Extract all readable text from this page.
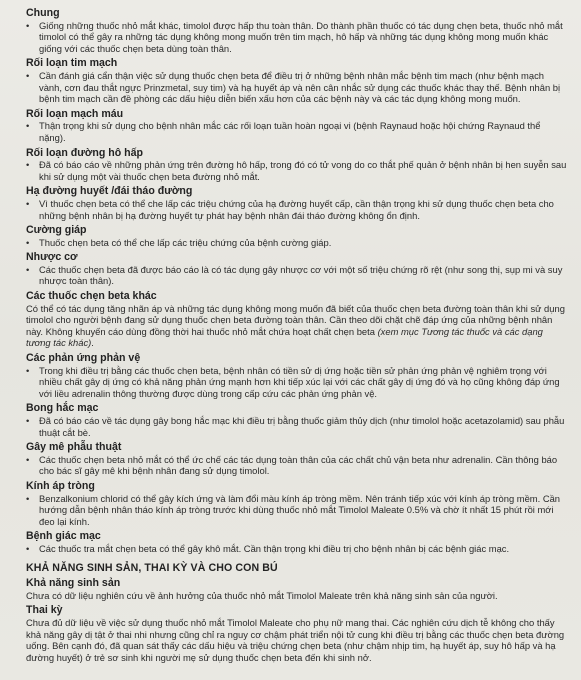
Chung
• Giống những thuốc nhỏ mắt khác, timolol được hấp thu toàn thân. Do thành phần thuốc có tác dụng chẹn beta, thuốc nhỏ mắt timolol có thể gây ra những tác dụng không mong muốn trên tim mạch, hô hấp và những tác dụng không mong muốn khác giống với các thuốc chẹn beta dùng toàn thân.
Rối loạn tim mạch
• Cần đánh giá cẩn thận việc sử dụng thuốc chẹn beta để điều trị ở những bệnh nhân mắc bệnh tim mạch (như bệnh mạch vành, cơn đau thắt ngực Prinzmetal, suy tim) và hạ huyết áp và nên cân nhắc sử dụng các thuốc khác thay thế. Bệnh nhân bị bệnh tim mạch cần đề phòng các dấu hiệu diễn biến xấu hơn của các bệnh này và các tác dụng không mong muốn.
Rối loạn mạch máu
• Thận trọng khi sử dụng cho bệnh nhân mắc các rối loạn tuần hoàn ngoại vi (bệnh Raynaud hoặc hội chứng Raynaud thể nặng).
Rối loạn đường hô hấp
• Đã có báo cáo về những phản ứng trên đường hô hấp, trong đó có tử vong do co thắt phế quản ở bệnh nhân bị hen suyễn sau khi sử dụng một vài thuốc chẹn beta đường nhỏ mắt.
Hạ đường huyết /đái tháo đường
• Vì thuốc chẹn beta có thể che lấp các triệu chứng của hạ đường huyết cấp, cần thận trọng khi sử dụng thuốc chẹn beta cho những bệnh nhân bị hạ đường huyết tự phát hay bệnh nhân đái tháo đường không ổn định.
Cường giáp
• Thuốc chẹn beta có thể che lấp các triệu chứng của bệnh cường giáp.
Nhược cơ
• Các thuốc chẹn beta đã được báo cáo là có tác dụng gây nhược cơ với một số triệu chứng rõ rệt (như song thị, sụp mi và suy nhược toàn thân).
Các thuốc chẹn beta khác

Có thể có tác dụng tăng nhãn áp và những tác dụng không mong muốn đã biết của thuốc chẹn beta đường toàn thân khi sử dụng timolol cho người bệnh đang sử dụng thuốc chẹn beta đường toàn thân. Cần theo dõi chặt chẽ đáp ứng của những bệnh nhân này. Không khuyến cáo dùng đồng thời hai thuốc nhỏ mắt chứa hoạt chất chẹn beta (xem mục Tương tác thuốc và các dạng tương tác khác).

Các phản ứng phản vệ
• Trong khi điều trị bằng các thuốc chẹn beta, bệnh nhân có tiền sử dị ứng hoặc tiền sử phản ứng phản vệ nghiêm trọng với nhiều chất gây dị ứng có khả năng phản ứng mạnh hơn khi tiếp xúc lại với các chất gây dị ứng đó và họ cũng không đáp ứng với liều adrenalin thông thường được dùng trong cấp cứu các phản ứng phản vệ.
Bong hắc mạc
• Đã có báo cáo về tác dụng gây bong hắc mạc khi điều trị bằng thuốc giảm thủy dịch (như timolol hoặc acetazolamid) sau phẫu thuật cắt bè.
Gây mê phẫu thuật
• Các thuốc chẹn beta nhỏ mắt có thể ức chế các tác dụng toàn thân của các chất chủ vận beta như adrenalin. Cần thông báo cho bác sĩ gây mê khi bệnh nhân đang sử dụng timolol.
Kính áp tròng
• Benzalkonium chlorid có thể gây kích ứng và làm đổi màu kính áp tròng mềm. Nên tránh tiếp xúc với kính áp tròng mềm. Cần hướng dẫn bệnh nhân tháo kính áp tròng trước khi dùng thuốc nhỏ mắt Timolol Maleate 0.5% và chờ ít nhất 15 phút rồi mới đeo lại kính.
Bệnh giác mạc
• Các thuốc tra mắt chẹn beta có thể gây khô mắt. Cần thận trọng khi điều trị cho bệnh nhân bị các bệnh giác mạc.
KHẢ NĂNG SINH SẢN, THAI KỲ VÀ CHO CON BÚ
Khả năng sinh sản

Chưa có dữ liệu nghiên cứu về ảnh hưởng của thuốc nhỏ mắt Timolol Maleate trên khả năng sinh sản của người.

Thai kỳ

Chưa đủ dữ liệu về việc sử dụng thuốc nhỏ mắt Timolol Maleate cho phụ nữ mang thai. Các nghiên cứu dịch tễ không cho thấy khả năng gây dị tật ở thai nhi nhưng cũng chỉ ra nguy cơ chậm phát triển nội tử cung khi điều trị bằng các thuốc chẹn beta đường uống. Bên cạnh đó, đã quan sát thấy các dấu hiệu và triệu chứng chẹn beta (như chậm nhịp tim, hạ huyết áp, suy hô hấp và hạ đường huyết) ở trẻ sơ sinh khi người mẹ sử dụng thuốc chẹn beta đến khi sinh nở.
